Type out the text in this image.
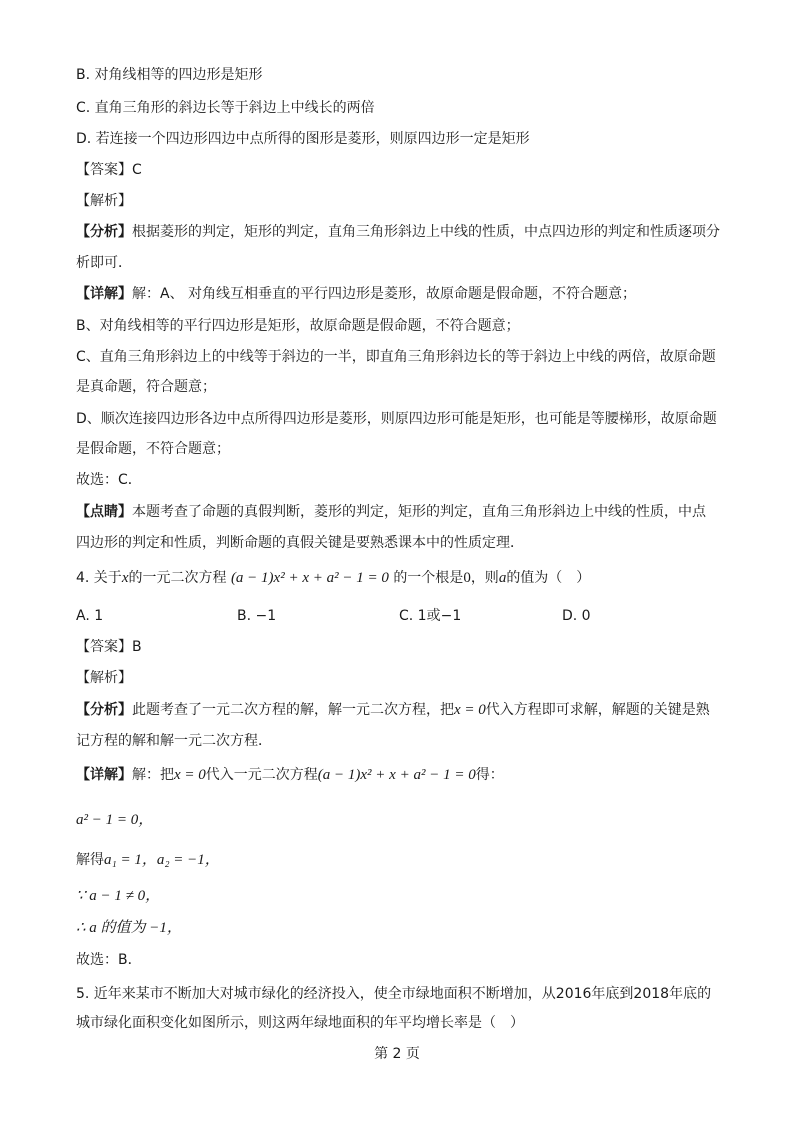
B. 对角线相等的四边形是矩形
C. 直角三角形的斜边长等于斜边上中线长的两倍
D. 若连接一个四边形四边中点所得的图形是菱形，则原四边形一定是矩形
【答案】C
【解析】
【分析】根据菱形的判定，矩形的判定，直角三角形斜边上中线的性质，中点四边形的判定和性质逐项分
析即可．
【详解】解：A、 对角线互相垂直的平行四边形是菱形，故原命题是假命题，不符合题意；
B、对角线相等的平行四边形是矩形，故原命题是假命题，不符合题意；
C、直角三角形斜边上的中线等于斜边的一半，即直角三角形斜边长的等于斜边上中线的两倍，故原命题
是真命题，符合题意；
D、顺次连接四边形各边中点所得四边形是菱形，则原四边形可能是矩形，也可能是等腰梯形，故原命题
是假命题，不符合题意；
故选：C．
【点睛】本题考查了命题的真假判断，菱形的判定，矩形的判定，直角三角形斜边上中线的性质，中点
四边形的判定和性质，判断命题的真假关键是要熟悉课本中的性质定理．
4. 关于x的一元二次方程 (a − 1)x² + x + a² − 1 = 0 的一个根是0，则a的值为（　）
A. 1	B. −1	C. 1或−1	D. 0
【答案】B
【解析】
【分析】此题考查了一元二次方程的解，解一元二次方程，把x = 0代入方程即可求解，解题的关键是熟
记方程的解和解一元二次方程．
【详解】解：把x = 0代入一元二次方程(a − 1)x² + x + a² − 1 = 0得：
a² − 1 = 0，
解得a₁ = 1，a₂ = −1，
∵ a − 1 ≠ 0，
∴ a 的值为 −1，
故选：B．
5. 近年来某市不断加大对城市绿化的经济投入，使全市绿地面积不断增加，从2016年底到2018年底的
城市绿化面积变化如图所示，则这两年绿地面积的年平均增长率是（　）
第 2 页
